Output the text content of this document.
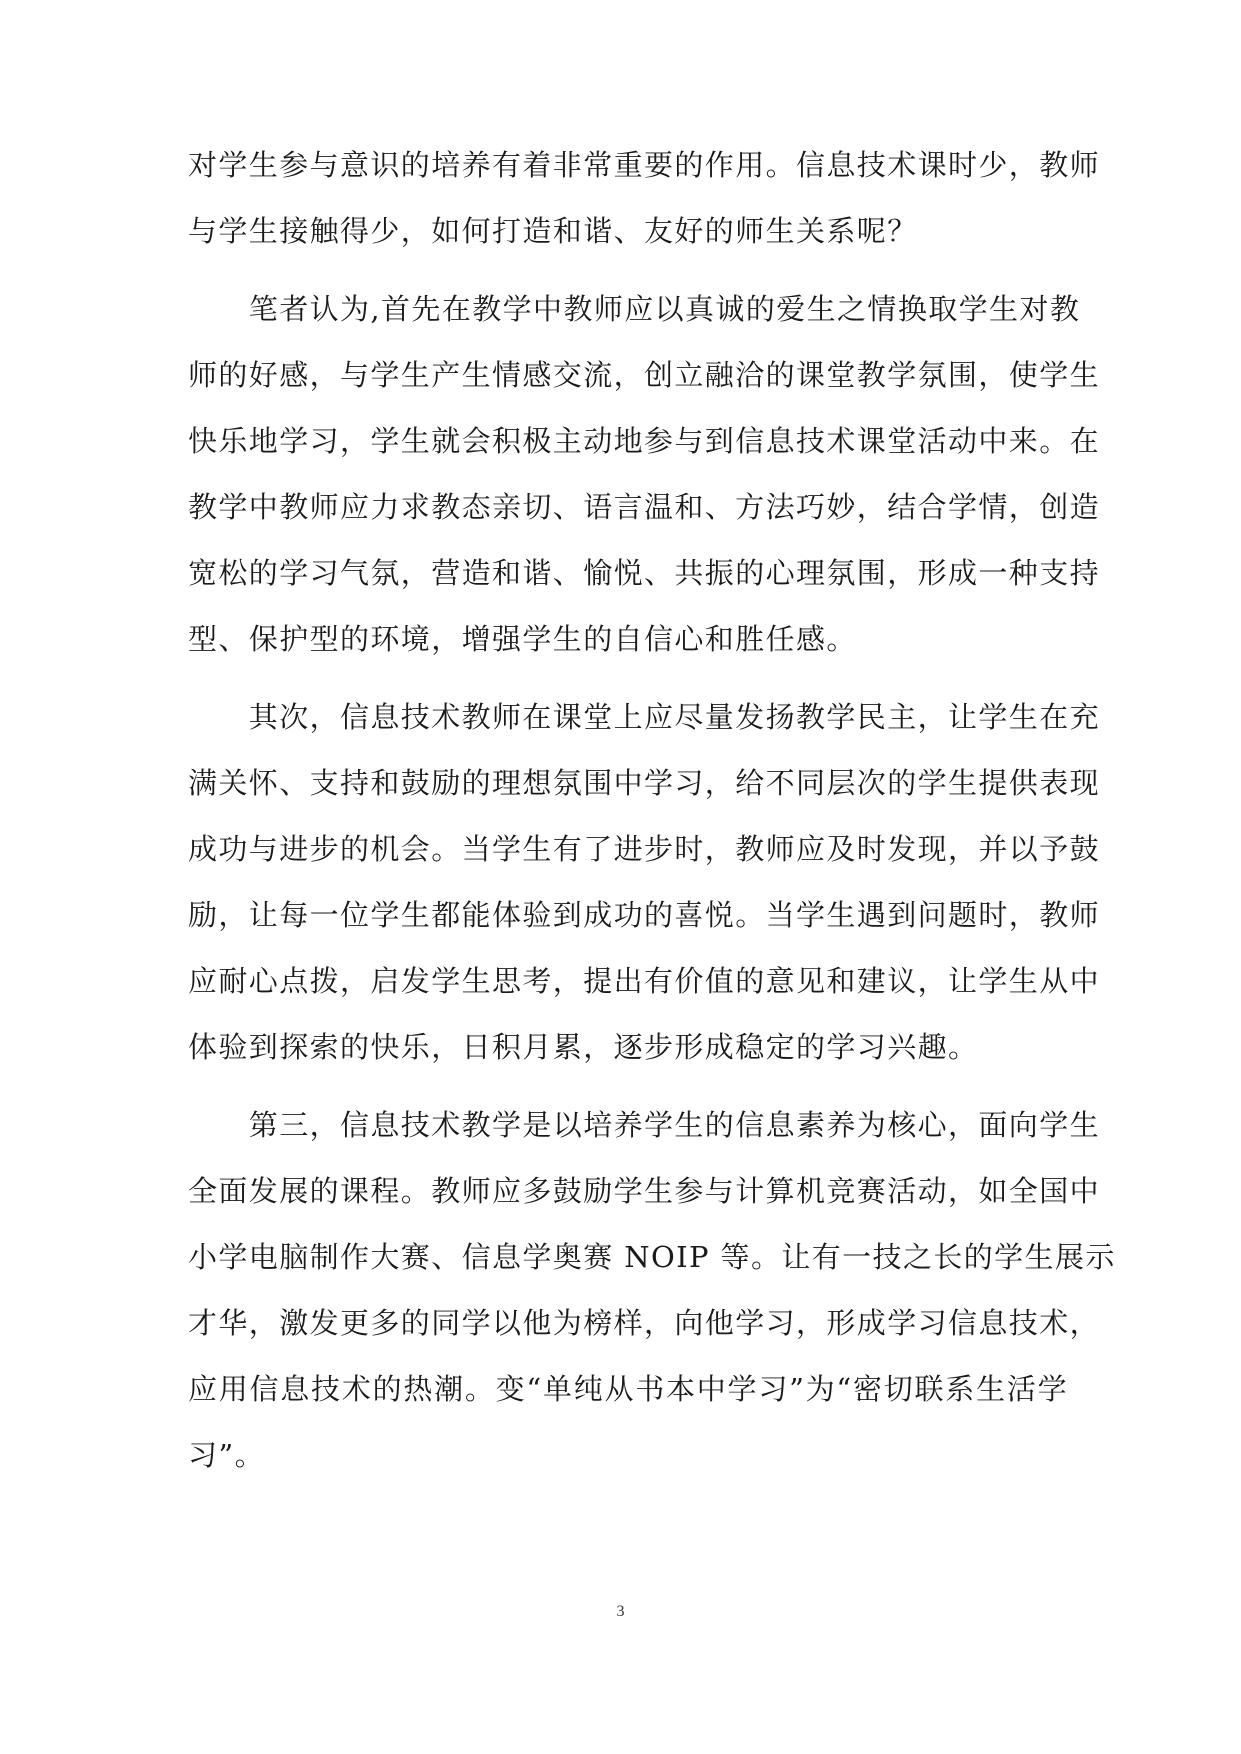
对学生参与意识的培养有着非常重要的作用。信息技术课时少，教师
与学生接触得少，如何打造和谐、友好的师生关系呢？
　　笔者认为,首先在教学中教师应以真诚的爱生之情换取学生对教
师的好感，与学生产生情感交流，创立融洽的课堂教学氛围，使学生
快乐地学习，学生就会积极主动地参与到信息技术课堂活动中来。在
教学中教师应力求教态亲切、语言温和、方法巧妙，结合学情，创造
宽松的学习气氛，营造和谐、愉悦、共振的心理氛围，形成一种支持
型、保护型的环境，增强学生的自信心和胜任感。
　　其次，信息技术教师在课堂上应尽量发扬教学民主，让学生在充
满关怀、支持和鼓励的理想氛围中学习，给不同层次的学生提供表现
成功与进步的机会。当学生有了进步时，教师应及时发现，并以予鼓
励，让每一位学生都能体验到成功的喜悦。当学生遇到问题时，教师
应耐心点拨，启发学生思考，提出有价值的意见和建议，让学生从中
体验到探索的快乐，日积月累，逐步形成稳定的学习兴趣。
　　第三，信息技术教学是以培养学生的信息素养为核心，面向学生
全面发展的课程。教师应多鼓励学生参与计算机竞赛活动，如全国中
小学电脑制作大赛、信息学奥赛 NOIP 等。让有一技之长的学生展示
才华，激发更多的同学以他为榜样，向他学习，形成学习信息技术，
应用信息技术的热潮。变“单纯从书本中学习”为“密切联系生活学
习”。
3
